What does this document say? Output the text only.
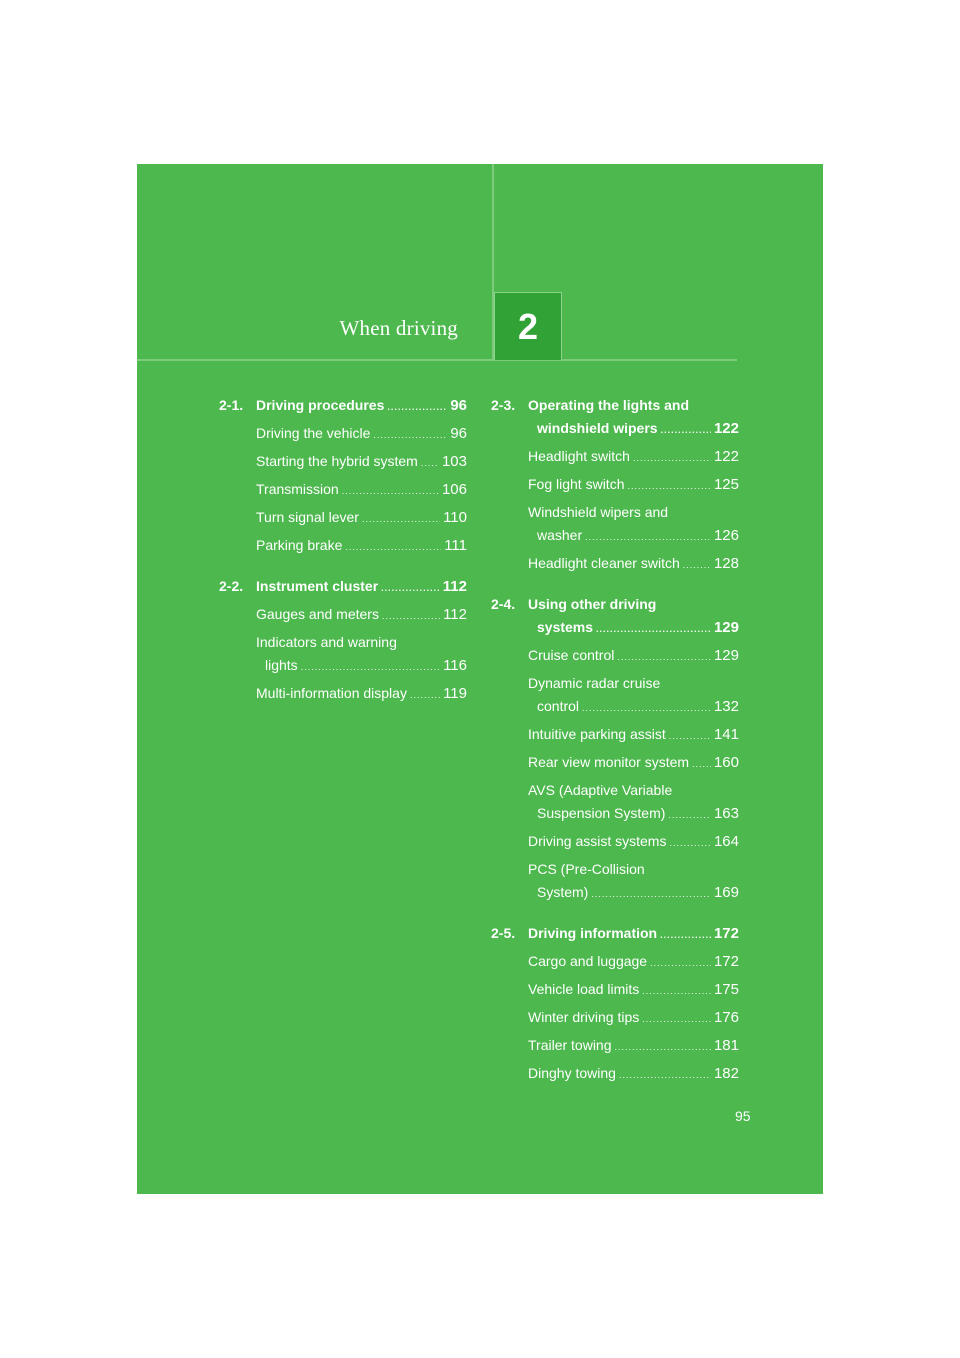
When driving 2
2-1. Driving procedures .....	96
Driving the vehicle .....	96
Starting the hybrid system ..... 103
Transmission .....	106
Turn signal lever .....	110
Parking brake .....	111
2-2. Instrument cluster .....	112
Gauges and meters .....	112
Indicators and warning
lights .....	116
Multi-information display ..... 119
2-3. Operating the lights and
windshield wipers .....	122
Headlight switch .....	122
Fog light switch .....	125
Windshield wipers and
washer .....	126
Headlight cleaner switch ..... 128
2-4. Using other driving
systems .....	129
Cruise control .....	129
Dynamic radar cruise
control .....	132
Intuitive parking assist .....	141
Rear view monitor system ..... 160
AVS (Adaptive Variable
Suspension System) .....	163
Driving assist systems .....	164
PCS (Pre-Collision
System) .....	169
2-5. Driving information .....	172
Cargo and luggage .....	172
Vehicle load limits .....	175
Winter driving tips .....	176
Trailer towing .....	181
Dinghy towing .....	182
95
